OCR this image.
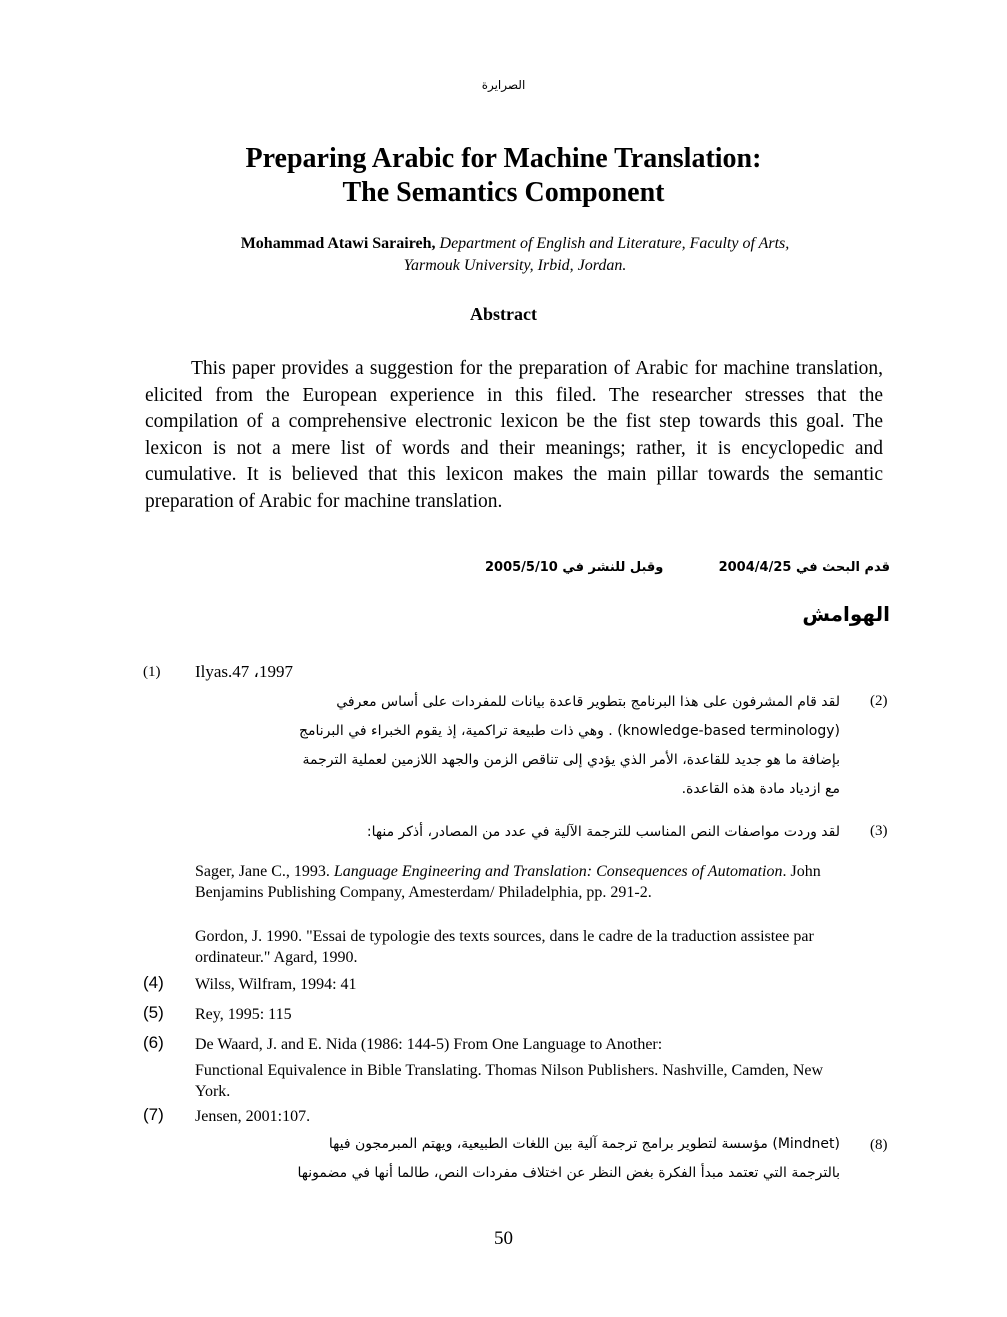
الصرايرة
Preparing Arabic for Machine Translation:
The Semantics Component
Mohammad Atawi Saraireh, Department of English and Literature, Faculty of Arts,
Yarmouk University, Irbid, Jordan.
Abstract
This paper provides a suggestion for the preparation of Arabic for machine translation, elicited from the European experience in this filed. The researcher stresses that the compilation of a comprehensive electronic lexicon be the fist step towards this goal. The lexicon is not a mere list of words and their meanings; rather, it is encyclopedic and cumulative. It is believed that this lexicon makes the main pillar towards the semantic preparation of Arabic for machine translation.
قدم البحث في 2004/4/25
وقبل للنشر في 2005/5/10
الهوامش
(1) Ilyas.47 ،1997
(2)
لقد قام المشرفون على هذا البرنامج بتطوير قاعدة بيانات للمفردات على أساس معرفي
(knowledge-based terminology) . وهي ذات طبيعة تراكمية، إذ يقوم الخبراء في البرنامج
بإضافة ما هو جديد للقاعدة، الأمر الذي يؤدي إلى تناقص الزمن والجهد اللازمين لعملية الترجمة
مع ازدياد مادة هذه القاعدة.
(3)
لقد وردت مواصفات النص المناسب للترجمة الآلية في عدد من المصادر، أذكر منها:
Sager, Jane C., 1993. Language Engineering and Translation: Consequences of Automation. John Benjamins Publishing Company, Amesterdam/ Philadelphia, pp. 291-2.
Gordon, J. 1990. "Essai de typologie des texts sources, dans le cadre de la traduction assistee par ordinateur." Agard, 1990.
(4) Wilss, Wilfram, 1994: 41
(5) Rey, 1995: 115
(6) De Waard, J. and E. Nida (1986: 144-5) From One Language to Another:
Functional Equivalence in Bible Translating. Thomas Nilson Publishers. Nashville, Camden, New York.
(7) Jensen, 2001:107.
(8)
(Mindnet) مؤسسة لتطوير برامج ترجمة آلية بين اللغات الطبيعية، ويهتم المبرمجون فيها
بالترجمة التي تعتمد مبدأ الفكرة بغض النظر عن اختلاف مفردات النص، طالما أنها في مضمونها
50
